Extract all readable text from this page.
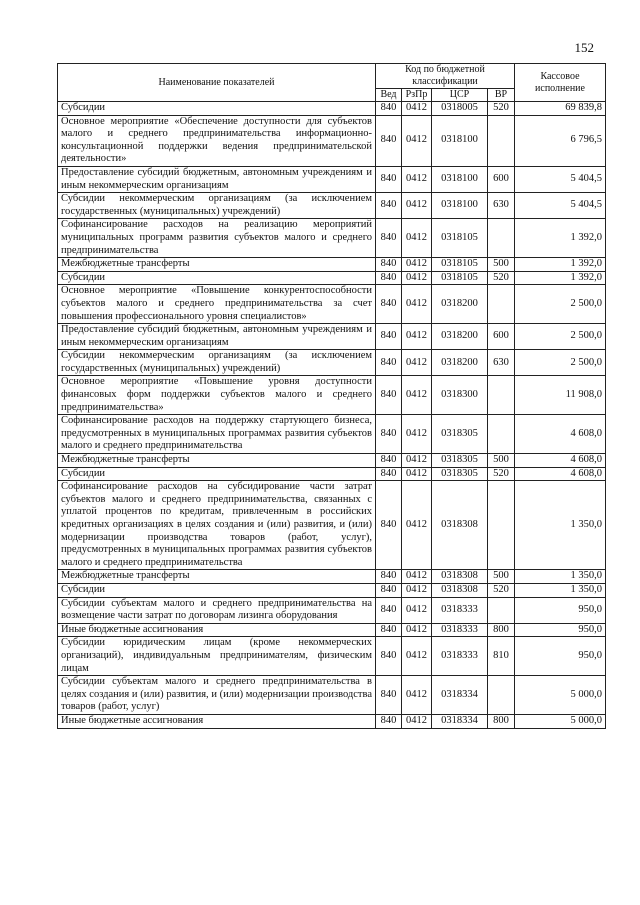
152
Наименование показателей	Код по бюджетной классификации				Кассовое исполнение
	Вед	РзПр	ЦСР	ВР	
Субсидии	840	0412	0318005	520	69 839,8
Основное мероприятие «Обеспечение доступности для субъектов малого и среднего предпринимательства информационно-консультационной поддержки ведения предпринимательской деятельности»	840	0412	0318100		6 796,5
Предоставление субсидий бюджетным, автономным учреждениям и иным некоммерческим организациям	840	0412	0318100	600	5 404,5
Субсидии некоммерческим организациям (за исключением государственных (муниципальных) учреждений)	840	0412	0318100	630	5 404,5
Софинансирование расходов на реализацию мероприятий муниципальных программ развития субъектов малого и среднего предпринимательства	840	0412	0318105		1 392,0
Межбюджетные трансферты	840	0412	0318105	500	1 392,0
Субсидии	840	0412	0318105	520	1 392,0
Основное мероприятие «Повышение конкурентоспособности субъектов малого и среднего предпринимательства за счет повышения профессионального уровня специалистов»	840	0412	0318200		2 500,0
Предоставление субсидий бюджетным, автономным учреждениям и иным некоммерческим организациям	840	0412	0318200	600	2 500,0
Субсидии некоммерческим организациям (за исключением государственных (муниципальных) учреждений)	840	0412	0318200	630	2 500,0
Основное мероприятие «Повышение уровня доступности финансовых форм поддержки субъектов малого и среднего предпринимательства»	840	0412	0318300		11 908,0
Софинансирование расходов на поддержку стартующего бизнеса, предусмотренных в муниципальных программах развития субъектов малого и среднего предпринимательства	840	0412	0318305		4 608,0
Межбюджетные трансферты	840	0412	0318305	500	4 608,0
Субсидии	840	0412	0318305	520	4 608,0
Софинансирование расходов на субсидирование части затрат субъектов малого и среднего предпринимательства, связанных с уплатой процентов по кредитам, привлеченным в российских кредитных организациях в целях создания и (или) развития, и (или) модернизации производства товаров (работ, услуг), предусмотренных в муниципальных программах развития субъектов малого и среднего предпринимательства	840	0412	0318308		1 350,0
Межбюджетные трансферты	840	0412	0318308	500	1 350,0
Субсидии	840	0412	0318308	520	1 350,0
Субсидии субъектам малого и среднего предпринимательства на возмещение части затрат по договорам лизинга оборудования	840	0412	0318333		950,0
Иные бюджетные ассигнования	840	0412	0318333	800	950,0
Субсидии юридическим лицам (кроме некоммерческих организаций), индивидуальным предпринимателям, физическим лицам	840	0412	0318333	810	950,0
Субсидии субъектам малого и среднего предпринимательства в целях создания и (или) развития, и (или) модернизации производства товаров (работ, услуг)	840	0412	0318334		5 000,0
Иные бюджетные ассигнования	840	0412	0318334	800	5 000,0
